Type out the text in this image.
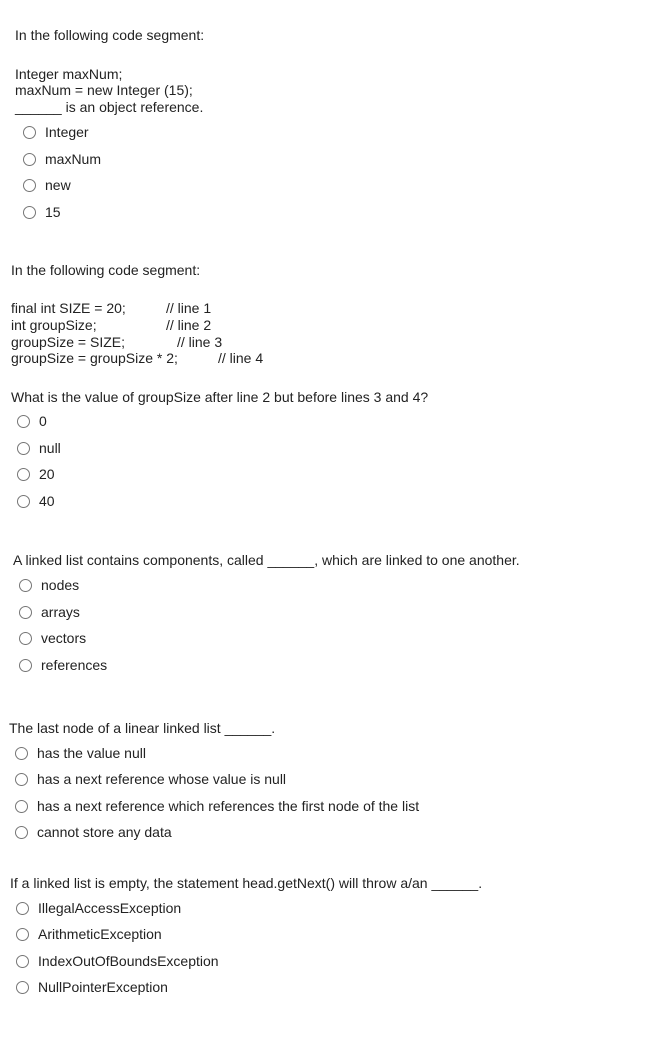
In the following code segment:
Integer maxNum;
maxNum = new Integer (15);
______ is an object reference.
Integer
maxNum
new
15
In the following code segment:
final int SIZE = 20;	// line 1
int groupSize;	// line 2
groupSize = SIZE;	// line 3
groupSize = groupSize * 2;	// line 4
What is the value of groupSize after line 2 but before lines 3 and 4?
0
null
20
40
A linked list contains components, called ______, which are linked to one another.
nodes
arrays
vectors
references
The last node of a linear linked list ______.
has the value null
has a next reference whose value is null
has a next reference which references the first node of the list
cannot store any data
If a linked list is empty, the statement head.getNext() will throw a/an ______.
IllegalAccessException
ArithmeticException
IndexOutOfBoundsException
NullPointerException
